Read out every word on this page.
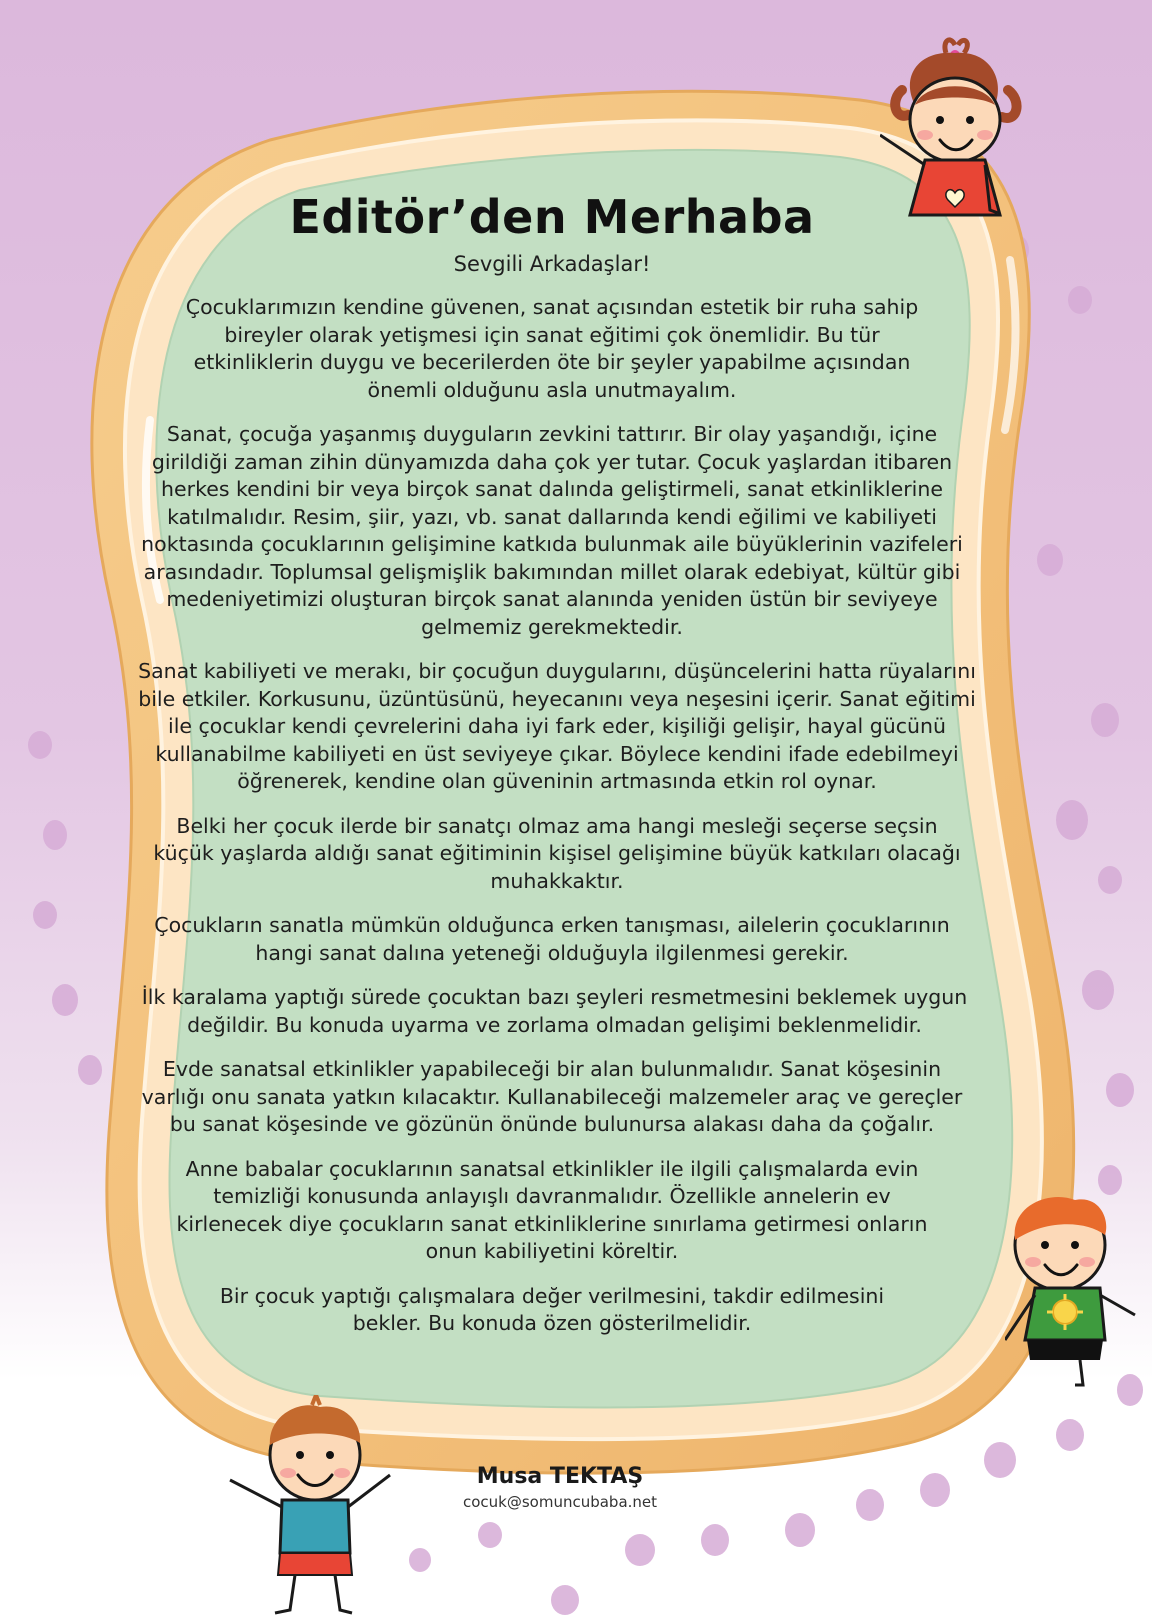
Editör’den Merhaba

Sevgili Arkadaşlar!

Çocuklarımızın kendine güvenen, sanat açısından estetik bir ruha sahip bireyler olarak yetişmesi için sanat eğitimi çok önemlidir. Bu tür etkinliklerin duygu ve becerilerden öte bir şeyler yapabilme açısından önemli olduğunu asla unutmayalım.

Sanat, çocuğa yaşanmış duyguların zevkini tattırır. Bir olay yaşandığı, içine girildiği zaman zihin dünyamızda daha çok yer tutar. Çocuk yaşlardan itibaren herkes kendini bir veya birçok sanat dalında geliştirmeli, sanat etkinliklerine katılmalıdır. Resim, şiir, yazı, vb. sanat dallarında kendi eğilimi ve kabiliyeti noktasında çocuklarının gelişimine katkıda bulunmak aile büyüklerinin vazifeleri arasındadır. Toplumsal gelişmişlik bakımından millet olarak edebiyat, kültür gibi medeniyetimizi oluşturan birçok sanat alanında yeniden üstün bir seviyeye gelmemiz gerekmektedir.

Sanat kabiliyeti ve merakı, bir çocuğun duygularını, düşüncelerini hatta rüyalarını bile etkiler. Korkusunu, üzüntüsünü, heyecanını veya neşesini içerir. Sanat eğitimi ile çocuklar kendi çevrelerini daha iyi fark eder, kişiliği gelişir, hayal gücünü kullanabilme kabiliyeti en üst seviyeye çıkar. Böylece kendini ifade edebilmeyi öğrenerek, kendine olan güveninin artmasında etkin rol oynar.

Belki her çocuk ilerde bir sanatçı olmaz ama hangi mesleği seçerse seçsin küçük yaşlarda aldığı sanat eğitiminin kişisel gelişimine büyük katkıları olacağı muhakkaktır.

Çocukların sanatla mümkün olduğunca erken tanışması, ailelerin çocuklarının hangi sanat dalına yeteneği olduğuyla ilgilenmesi gerekir.

İlk karalama yaptığı sürede çocuktan bazı şeyleri resmetmesini beklemek uygun değildir. Bu konuda uyarma ve zorlama olmadan gelişimi beklenmelidir.

Evde sanatsal etkinlikler yapabileceği bir alan bulunmalıdır. Sanat köşesinin varlığı onu sanata yatkın kılacaktır. Kullanabileceği malzemeler araç ve gereçler bu sanat köşesinde ve gözünün önünde bulunursa alakası daha da çoğalır.

Anne babalar çocuklarının sanatsal etkinlikler ile ilgili çalışmalarda evin temizliği konusunda anlayışlı davranmalıdır. Özellikle annelerin ev kirlenecek diye çocukların sanat etkinliklerine sınırlama getirmesi onların onun kabiliyetini köreltir.

Bir çocuk yaptığı çalışmalara değer verilmesini, takdir edilmesini bekler. Bu konuda özen gösterilmelidir.

Musa TEKTAŞ
cocuk@somuncubaba.net
